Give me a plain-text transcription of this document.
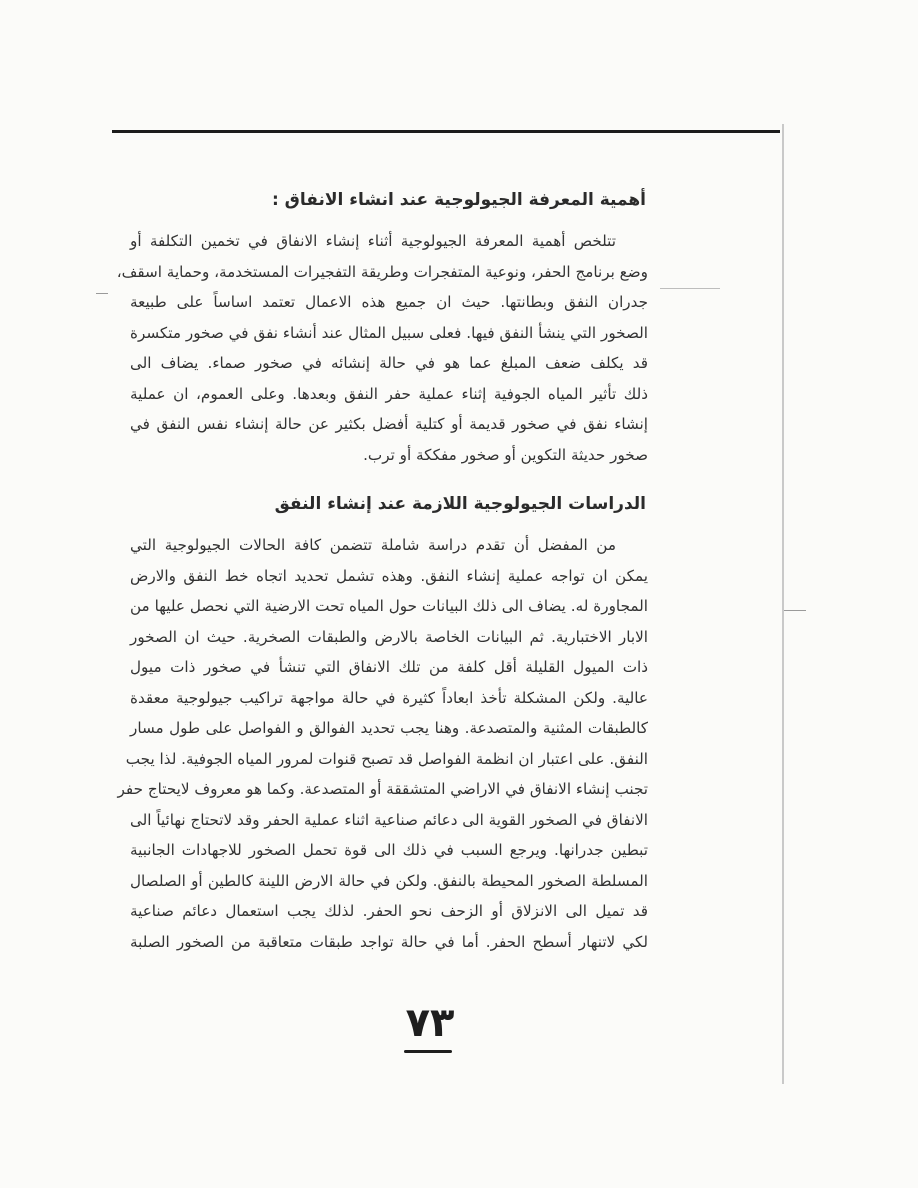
أهمية المعرفة الجيولوجية عند انشاء الانفاق :
تتلخص أهمية المعرفة الجيولوجية أثناء إنشاء الانفاق في تخمين التكلفة أو
وضع برنامج الحفر، ونوعية المتفجرات وطريقة التفجيرات المستخدمة، وحماية اسقف،
جدران النفق وبطانتها. حيث ان جميع هذه الاعمال تعتمد اساساً على طبيعة
الصخور التي ينشأ النفق فيها. فعلى سبيل المثال عند أنشاء نفق في صخور متكسرة
قد يكلف ضعف المبلغ عما هو في حالة إنشائه في صخور صماء. يضاف الى
ذلك تأثير المياه الجوفية إثناء عملية حفر النفق وبعدها. وعلى العموم، ان عملية
إنشاء نفق في صخور قديمة أو كتلية أفضل بكثير عن حالة إنشاء نفس النفق في
صخور حديثة التكوين أو صخور مفككة أو ترب.
الدراسات الجيولوجية اللازمة عند إنشاء النفق
من المفضل أن تقدم دراسة شاملة تتضمن كافة الحالات الجيولوجية التي
يمكن ان تواجه عملية إنشاء النفق. وهذه تشمل تحديد اتجاه خط النفق والارض
المجاورة له. يضاف الى ذلك البيانات حول المياه تحت الارضية التي نحصل عليها من
الابار الاختبارية. ثم البيانات الخاصة بالارض والطبقات الصخرية. حيث ان الصخور
ذات الميول القليلة أقل كلفة من تلك الانفاق التي تنشأ في صخور ذات ميول
عالية. ولكن المشكلة تأخذ ابعاداً كثيرة في حالة مواجهة تراكيب جيولوجية معقدة
كالطبقات المثنية والمتصدعة. وهنا يجب تحديد الفوالق و الفواصل على طول مسار
النفق. على اعتبار ان انظمة الفواصل قد تصبح قنوات لمرور المياه الجوفية. لذا يجب
تجنب إنشاء الانفاق في الاراضي المتشققة أو المتصدعة. وكما هو معروف لايحتاج حفر
الانفاق في الصخور القوية الى دعائم صناعية اثناء عملية الحفر وقد لاتحتاج نهائياً الى
تبطين جدرانها. ويرجع السبب في ذلك الى قوة تحمل الصخور للاجهادات الجانبية
المسلطة الصخور المحيطة بالنفق. ولكن في حالة الارض اللينة كالطين أو الصلصال
قد تميل الى الانزلاق أو الزحف نحو الحفر. لذلك يجب استعمال دعائم صناعية
لكي لاتنهار أسطح الحفر. أما في حالة تواجد طبقات متعاقبة من الصخور الصلبة
٧٣
